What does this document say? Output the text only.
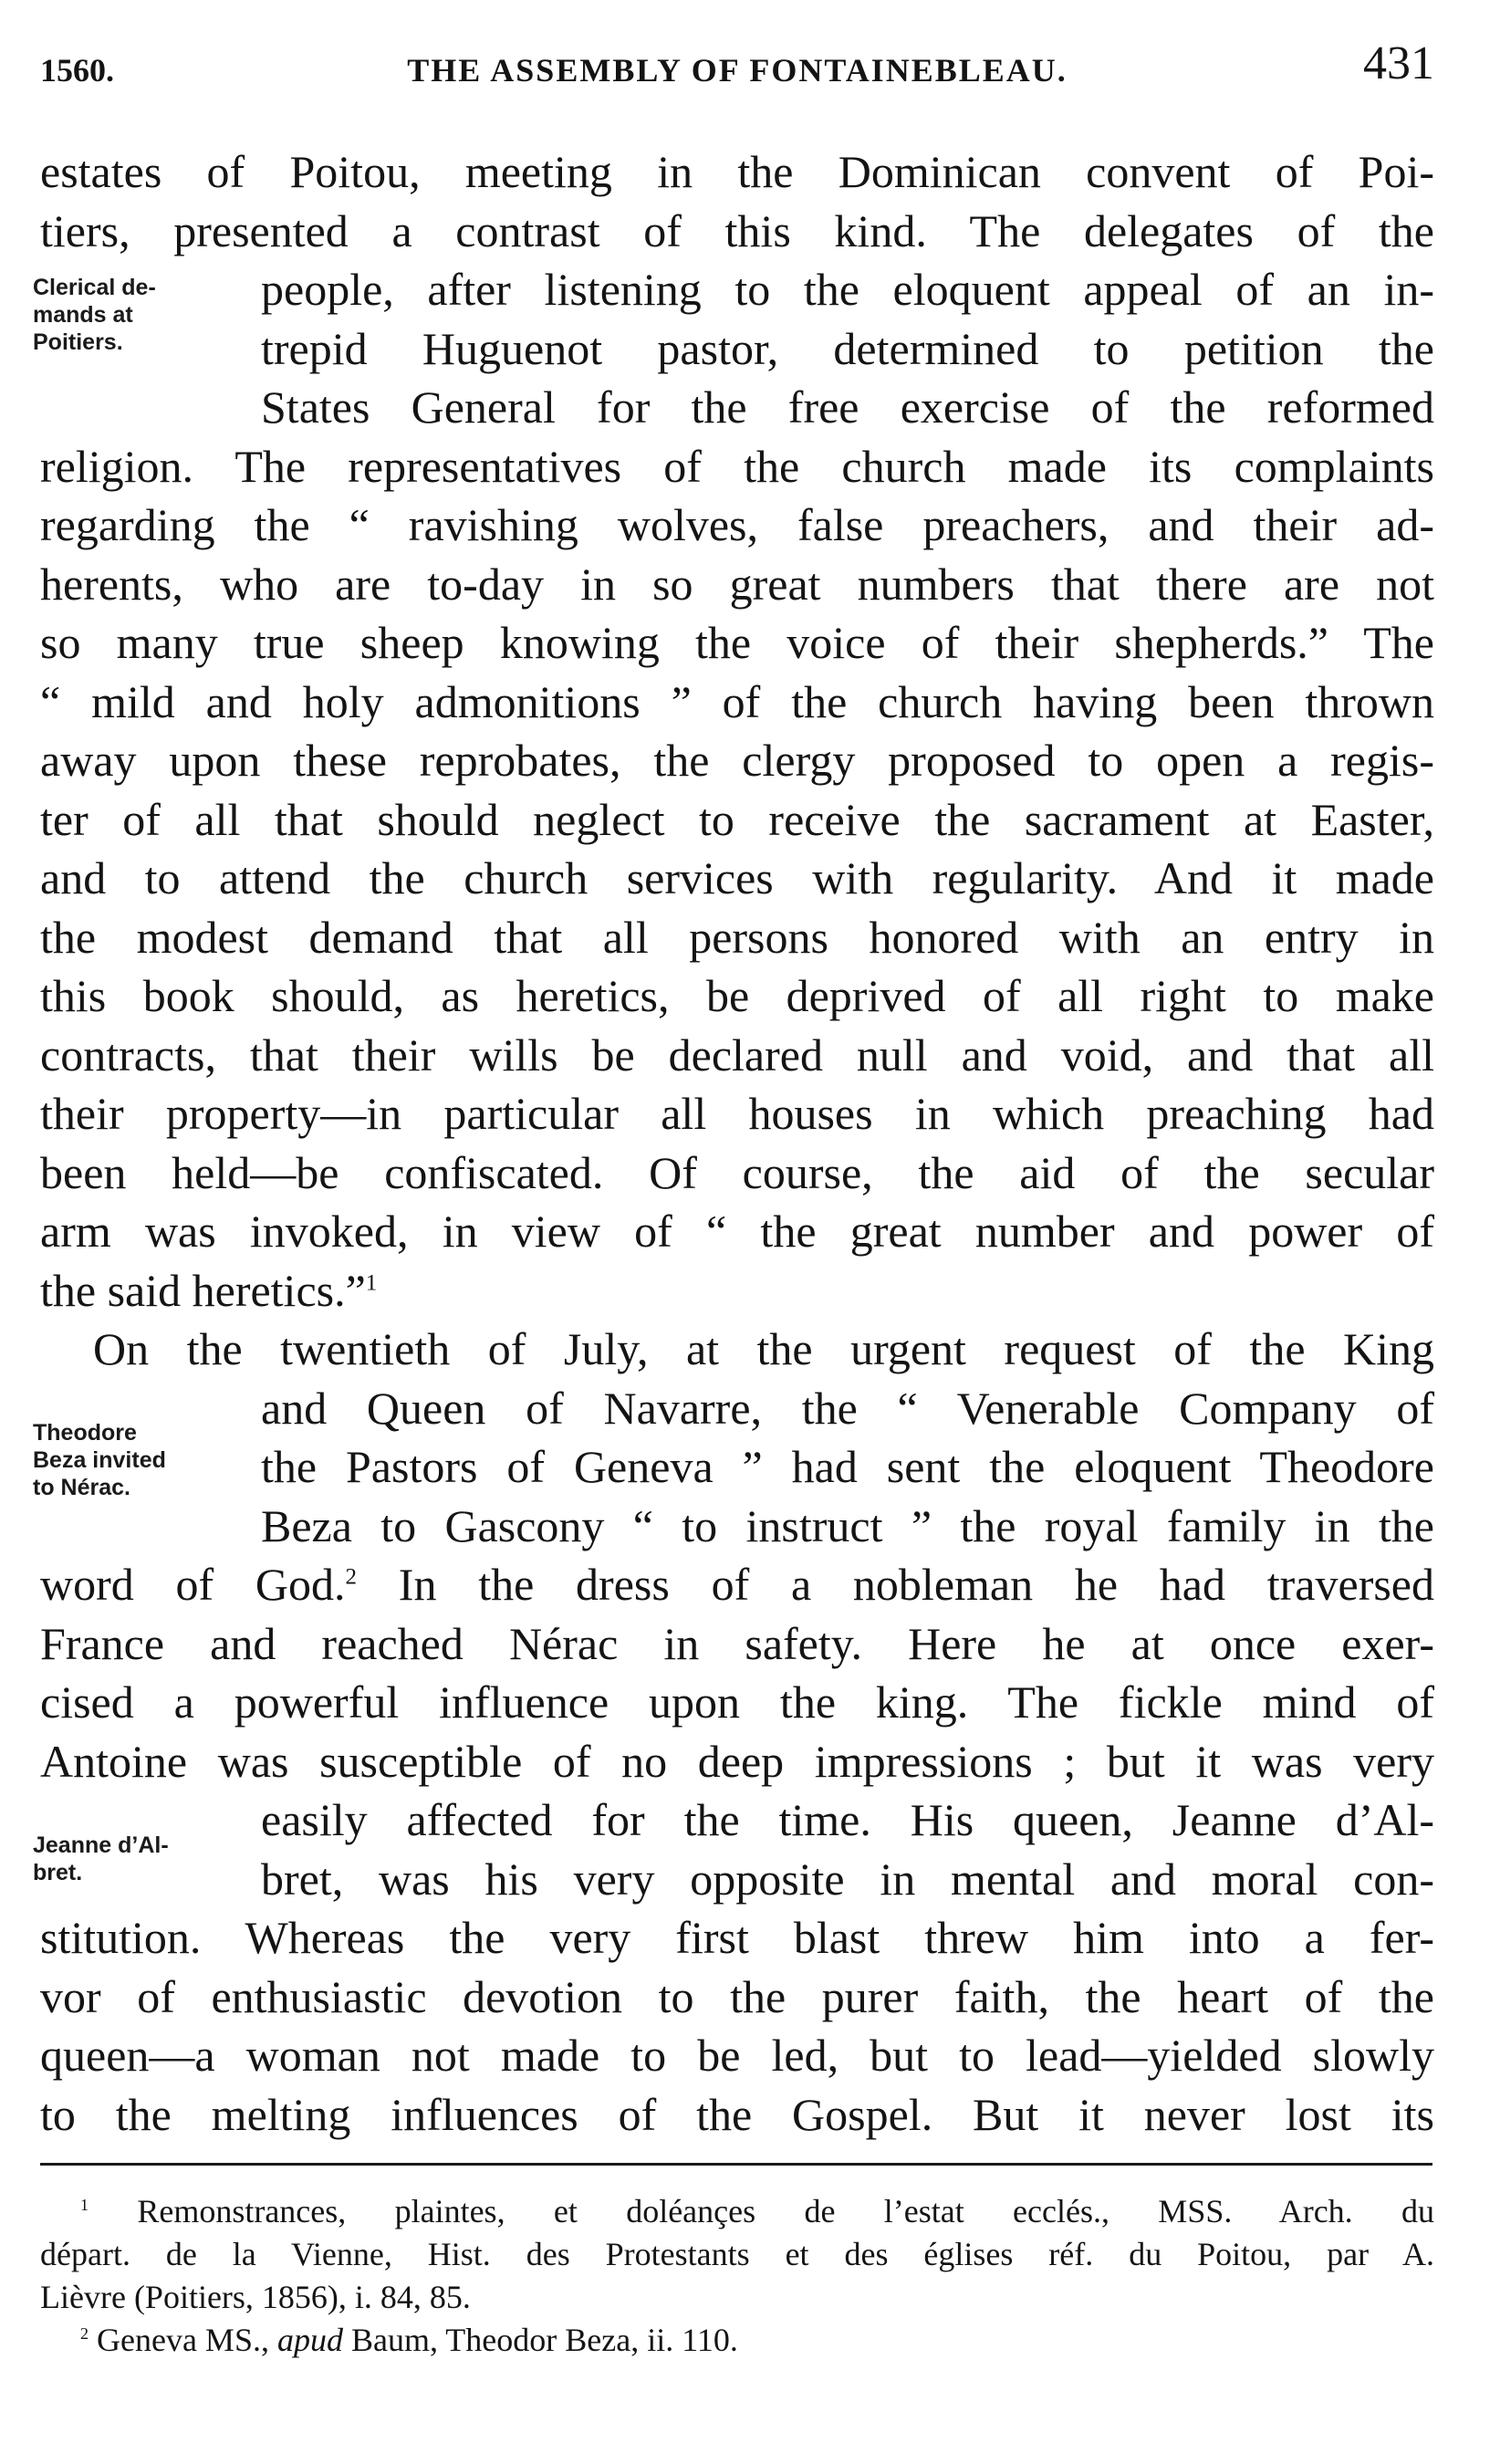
1560.	THE ASSEMBLY OF FONTAINEBLEAU.	431
Clerical de-
mands at
Poitiers.
Theodore
Beza invited
to Nérac.
Jeanne d’Al-
bret.
estates of Poitou, meeting in the Dominican convent of Poi-
tiers, presented a contrast of this kind. The delegates of the
people, after listening to the eloquent appeal of an in-
trepid Huguenot pastor, determined to petition the
States General for the free exercise of the reformed
religion. The representatives of the church made its complaints
regarding the “ ravishing wolves, false preachers, and their ad-
herents, who are to-day in so great numbers that there are not
so many true sheep knowing the voice of their shepherds.” The
“ mild and holy admonitions ” of the church having been thrown
away upon these reprobates, the clergy proposed to open a regis-
ter of all that should neglect to receive the sacrament at Easter,
and to attend the church services with regularity. And it made
the modest demand that all persons honored with an entry in
this book should, as heretics, be deprived of all right to make
contracts, that their wills be declared null and void, and that all
their property—in particular all houses in which preaching had
been held—be confiscated. Of course, the aid of the secular
arm was invoked, in view of “ the great number and power of
the said heretics.”$^1$
On the twentieth of July, at the urgent request of the King
and Queen of Navarre, the “ Venerable Company of
the Pastors of Geneva ” had sent the eloquent Theodore
Beza to Gascony “ to instruct ” the royal family in the
word of God.$^2$ In the dress of a nobleman he had traversed
France and reached Nérac in safety. Here he at once exer-
cised a powerful influence upon the king. The fickle mind of
Antoine was susceptible of no deep impressions ; but it was very
easily affected for the time. His queen, Jeanne d’Al-
bret, was his very opposite in mental and moral con-
stitution. Whereas the very first blast threw him into a fer-
vor of enthusiastic devotion to the purer faith, the heart of the
queen—a woman not made to be led, but to lead—yielded slowly
to the melting influences of the Gospel. But it never lost its
$^1$ Remonstrances, plaintes, et doléançes de l’estat ecclés., MSS. Arch. du
départ. de la Vienne, Hist. des Protestants et des églises réf. du Poitou, par A.
Lièvre (Poitiers, 1856), i. 84, 85.
$^2$ Geneva MS., apud Baum, Theodor Beza, ii. 110.
